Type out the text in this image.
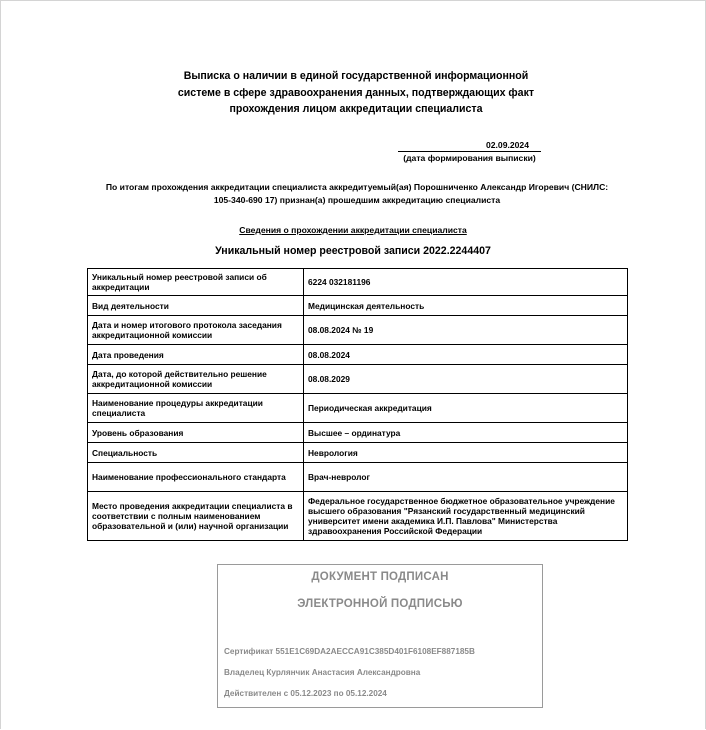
Выписка о наличии в единой государственной информационной
системе в сфере здравоохранения данных, подтверждающих факт
прохождения лицом аккредитации специалиста
02.09.2024
(дата формирования выписки)
По итогам прохождения аккредитации специалиста аккредитуемый(ая) Порошниченко Александр Игоревич (СНИЛС:
105-340-690 17) признан(а) прошедшим аккредитацию специалиста
Сведения о прохождении аккредитации специалиста
Уникальный номер реестровой записи 2022.2244407
Уникальный номер реестровой записи об аккредитации	6224 032181196
Вид деятельности	Медицинская деятельность
Дата и номер итогового протокола заседания аккредитационной комиссии	08.08.2024 № 19
Дата проведения	08.08.2024
Дата, до которой действительно решение аккредитационной комиссии	08.08.2029
Наименование процедуры аккредитации специалиста	Периодическая аккредитация
Уровень образования	Высшее – ординатура
Специальность	Неврология
Наименование профессионального стандарта	Врач-невролог
Место проведения аккредитации специалиста в соответствии с полным наименованием образовательной и (или) научной организации	Федеральное государственное бюджетное образовательное учреждение высшего образования "Рязанский государственный медицинский университет имени академика И.П. Павлова" Министерства здравоохранения Российской Федерации
ДОКУМЕНТ ПОДПИСАН
ЭЛЕКТРОННОЙ ПОДПИСЬЮ
Сертификат 551E1C69DA2AECCA91C385D401F6108EF887185B
Владелец Курлянчик Анастасия Александровна
Действителен с 05.12.2023 по 05.12.2024
